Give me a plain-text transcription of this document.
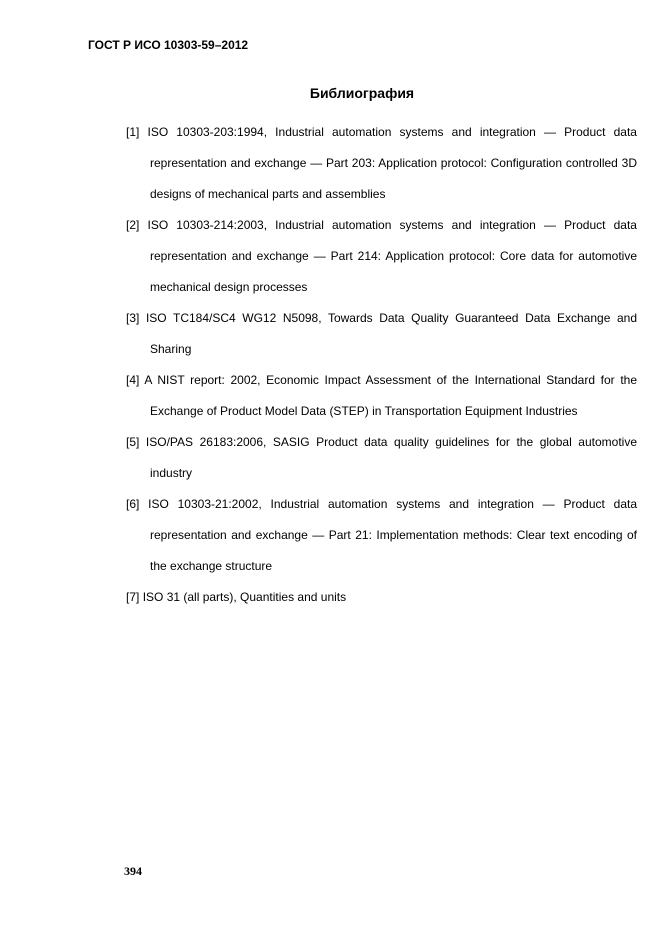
ГОСТ Р ИСО 10303-59–2012
Библиография

[1] ISO 10303-203:1994, Industrial automation systems and integration — Product data representation and exchange — Part 203: Application protocol: Configuration controlled 3D designs of mechanical parts and assemblies

[2] ISO 10303-214:2003, Industrial automation systems and integration — Product data representation and exchange — Part 214: Application protocol: Core data for automotive mechanical design processes

[3] ISO TC184/SC4 WG12 N5098, Towards Data Quality Guaranteed Data Exchange and Sharing

[4] A NIST report: 2002, Economic Impact Assessment of the International Standard for the Exchange of Product Model Data (STEP) in Transportation Equipment Industries

[5] ISO/PAS 26183:2006, SASIG Product data quality guidelines for the global automotive industry

[6] ISO 10303-21:2002, Industrial automation systems and integration — Product data representation and exchange — Part 21: Implementation methods: Clear text encoding of the exchange structure

[7] ISO 31 (all parts), Quantities and units

394
